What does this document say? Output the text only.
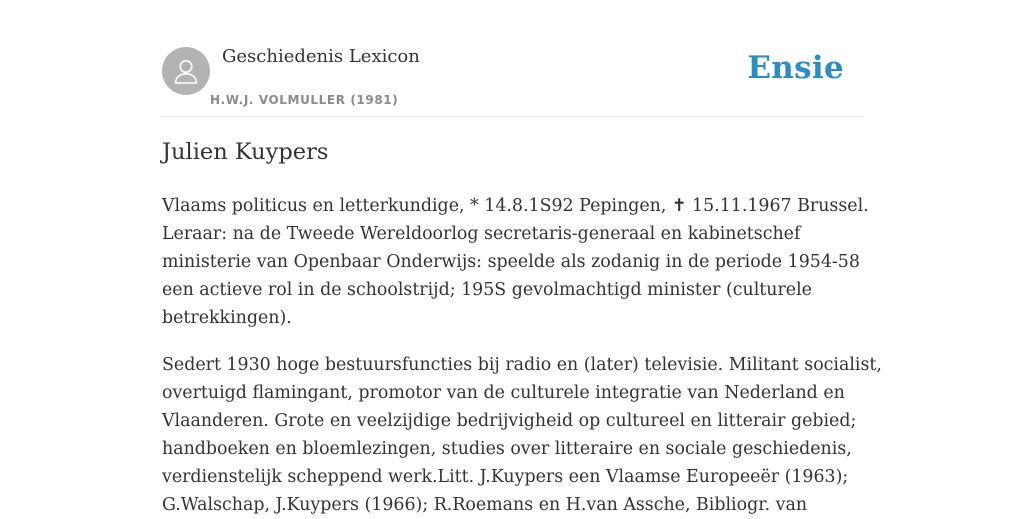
Geschiedenis Lexicon
H.W.J. VOLMULLER (1981)
Ensie
Julien Kuypers

Vlaams politicus en letterkundige, * 14.8.1S92 Pepingen, ✝ 15.11.1967 Brussel.
Leraar: na de Tweede Wereldoorlog secretaris-generaal en kabinetschef
ministerie van Openbaar Onderwijs: speelde als zodanig in de periode 1954-58
een actieve rol in de schoolstrijd; 195S gevolmachtigd minister (culturele
betrekkingen).

Sedert 1930 hoge bestuursfuncties bij radio en (later) televisie. Militant socialist,
overtuigd flamingant, promotor van de culturele integratie van Nederland en
Vlaanderen. Grote en veelzijdige bedrijvigheid op cultureel en litterair gebied;
handboeken en bloemlezingen, studies over litteraire en sociale geschiedenis,
verdienstelijk scheppend werk.Litt. J.Kuypers een Vlaamse Europeeër (1963);
G.Walschap, J.Kuypers (1966); R.Roemans en H.van Assche, Bibliogr. van
